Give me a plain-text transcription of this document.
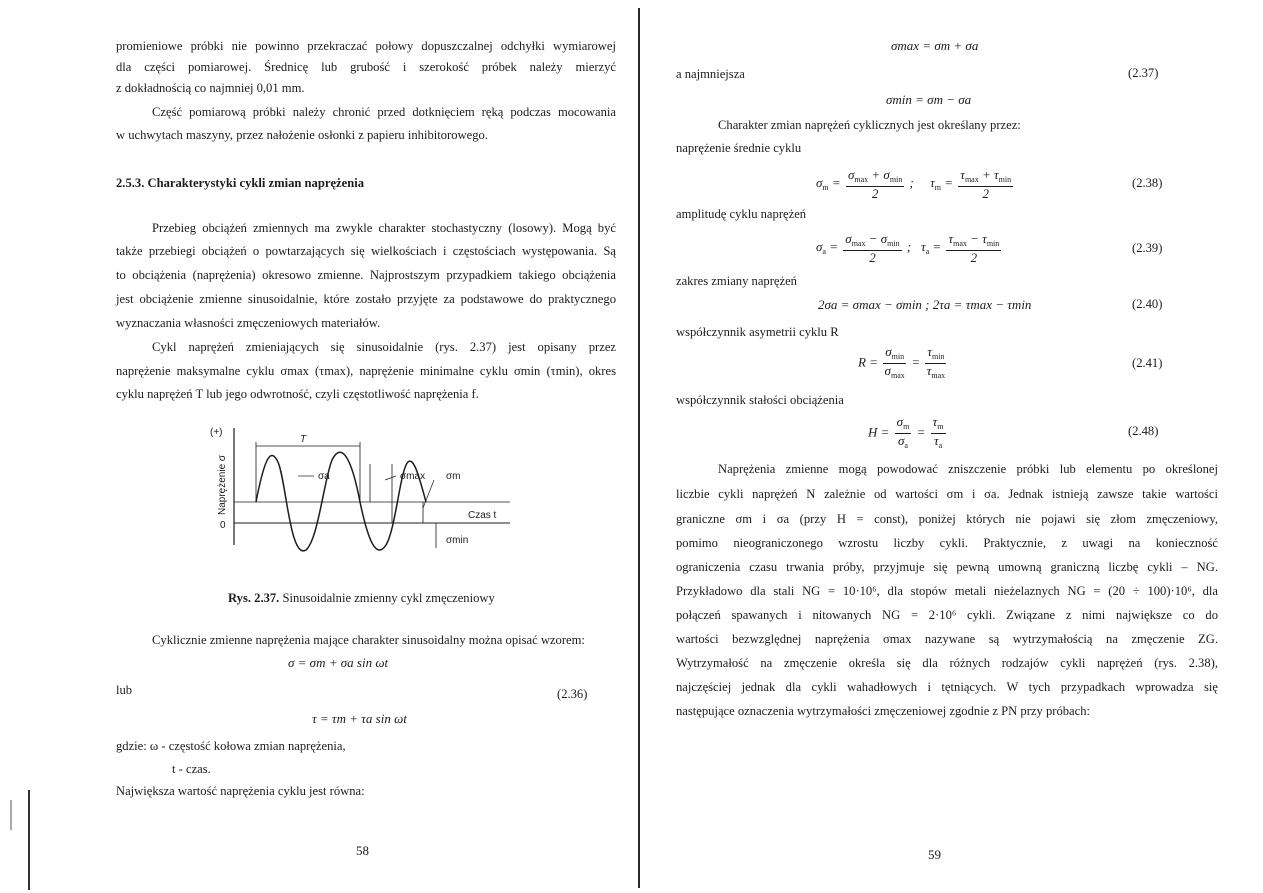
promieniowe próbki nie powinno przekraczać połowy dopuszczalnej odchyłki wymiarowej
dla części pomiarowej. Średnicę lub grubość i szerokość próbek należy mierzyć
z dokładnością co najmniej 0,01 mm.
Część pomiarową próbki należy chronić przed dotknięciem ręką podczas mocowania
w uchwytach maszyny, przez nałożenie osłonki z papieru inhibitorowego.
2.5.3. Charakterystyki cykli zmian naprężenia
Przebieg obciążeń zmiennych ma zwykle charakter stochastyczny (losowy). Mogą być
także przebiegi obciążeń o powtarzających się wielkościach i częstościach występowania. Są
to obciążenia (naprężenia) okresowo zmienne. Najprostszym przypadkiem takiego obciążenia
jest obciążenie zmienne sinusoidalnie, które zostało przyjęte za podstawowe do praktycznego
wyznaczania własności zmęczeniowych materiałów.
Cykl naprężeń zmieniających się sinusoidalnie (rys. 2.37) jest opisany przez
naprężenie maksymalne cyklu σmax (τmax), naprężenie minimalne cyklu σmin (τmin), okres
cyklu naprężeń T lub jego odwrotność, czyli częstotliwość naprężenia f.
T
(+)
0
Naprężenie σ	σa	σmax σm
σmin
Czas t
Rys. 2.37. Sinusoidalnie zmienny cykl zmęczeniowy
Cyklicznie zmienne naprężenia mające charakter sinusoidalny można opisać wzorem:
σ = σm + σa sin ωt
lub	(2.36)
τ = τm + τa sin ωt
gdzie: ω - częstość kołowa zmian naprężenia,
t - czas.
Największa wartość naprężenia cyklu jest równa:
58
σmax = σm + σa
a najmniejsza	(2.37)
σmin = σm − σa
Charakter zmian naprężeń cyklicznych jest określany przez:
naprężenie średnie cyklu
$\sigma_m = \frac{\sigma_{max} + \sigma_{min}}{2}$ ;     $\tau_m = \frac{\tau_{max} + \tau_{min}}{2}$	(2.38)
amplitudę cyklu naprężeń
$\sigma_a = \frac{\sigma_{max} - \sigma_{min}}{2}$ ;   $\tau_a = \frac{\tau_{max} - \tau_{min}}{2}$	(2.39)
zakres zmiany naprężeń
2σa = σmax − σmin ; 2τa = τmax − τmin	(2.40)
współczynnik asymetrii cyklu R
$R = \frac{\sigma_{min}}{\sigma_{max}} = \frac{\tau_{min}}{\tau_{max}}$	(2.41)
współczynnik stałości obciążenia
$H = \frac{\sigma_m}{\sigma_a} = \frac{\tau_m}{\tau_a}$	(2.48)
Naprężenia zmienne mogą powodować zniszczenie próbki lub elementu po określonej
liczbie cykli naprężeń N zależnie od wartości σm i σa. Jednak istnieją zawsze takie wartości
graniczne σm i σa (przy H = const), poniżej których nie pojawi się złom zmęczeniowy,
pomimo nieograniczonego wzrostu liczby cykli. Praktycznie, z uwagi na konieczność
ograniczenia czasu trwania próby, przyjmuje się pewną umowną graniczną liczbę cykli – NG.
Przykładowo dla stali NG = 10·10⁶, dla stopów metali nieżelaznych NG = (20 ÷ 100)·10⁶, dla
połączeń spawanych i nitowanych NG = 2·10⁶ cykli. Związane z nimi największe co do
wartości bezwzględnej naprężenia σmax nazywane są wytrzymałością na zmęczenie ZG.
Wytrzymałość na zmęczenie określa się dla różnych rodzajów cykli naprężeń (rys. 2.38),
najczęściej jednak dla cykli wahadłowych i tętniących. W tych przypadkach wprowadza się
następujące oznaczenia wytrzymałości zmęczeniowej zgodnie z PN przy próbach:
59
